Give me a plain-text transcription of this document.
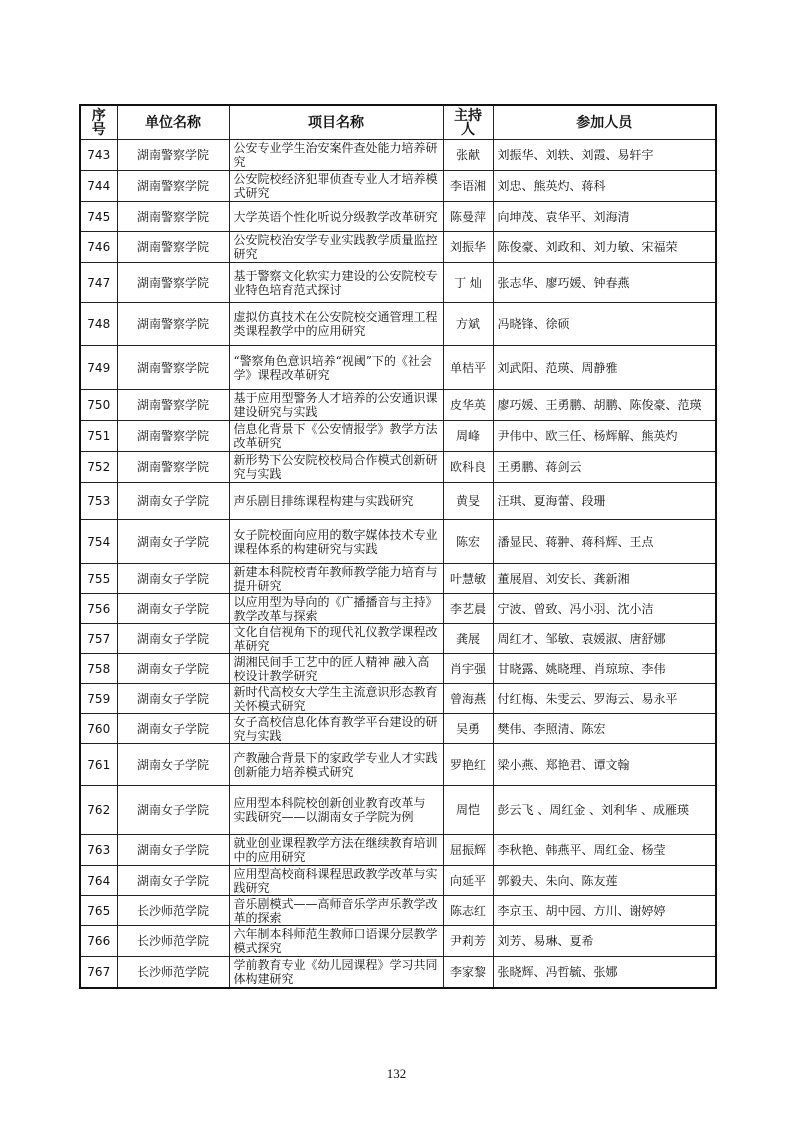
序号	单位名称	项目名称	主持人	参加人员
743	湖南警察学院	公安专业学生治安案件查处能力培养研究	张献	刘振华、刘轶、刘霞、易轩宇
744	湖南警察学院	公安院校经济犯罪侦查专业人才培养模式研究	李语湘	刘忠、熊英灼、蒋科
745	湖南警察学院	大学英语个性化听说分级教学改革研究	陈曼萍	向坤茂、袁华平、刘海清
746	湖南警察学院	公安院校治安学专业实践教学质量监控研究	刘振华	陈俊豪、刘政和、刘力敏、宋福荣
747	湖南警察学院	基于警察文化软实力建设的公安院校专业特色培育范式探讨	丁 灿	张志华、廖巧媛、钟春燕
748	湖南警察学院	虚拟仿真技术在公安院校交通管理工程类课程教学中的应用研究	方斌	冯晓锋、徐硕
749	湖南警察学院	“警察角色意识培养“视阈”下的《社会学》课程改革研究	单桔平	刘武阳、范瑛、周静雅
750	湖南警察学院	基于应用型警务人才培养的公安通识课建设研究与实践	皮华英	廖巧媛、王勇鹏、胡鹏、陈俊豪、范瑛
751	湖南警察学院	信息化背景下《公安情报学》教学方法改革研究	周峰	尹伟中、欧三任、杨辉解、熊英灼
752	湖南警察学院	新形势下公安院校校局合作模式创新研究与实践	欧科良	王勇鹏、蒋剑云
753	湖南女子学院	声乐剧目排练课程构建与实践研究	黄旻	汪琪、夏海蕾、段珊
754	湖南女子学院	女子院校面向应用的数字媒体技术专业课程体系的构建研究与实践	陈宏	潘显民、蒋翀、蒋科辉、王点
755	湖南女子学院	新建本科院校青年教师教学能力培育与提升研究	叶慧敏	董展眉、刘安长、龚新湘
756	湖南女子学院	以应用型为导向的《广播播音与主持》教学改革与探索	李艺晨	宁波、曾致、冯小羽、沈小洁
757	湖南女子学院	文化自信视角下的现代礼仪教学课程改革研究	龚展	周红才、邹敏、袁媛淑、唐舒娜
758	湖南女子学院	湖湘民间手工艺中的匠人精神 融入高校设计教学研究	肖宇强	甘晓露、姚晓理、肖琼琼、李伟
759	湖南女子学院	新时代高校女大学生主流意识形态教育关怀模式研究	曾海燕	付红梅、朱雯云、罗海云、易永平
760	湖南女子学院	女子高校信息化体育教学平台建设的研究与实践	吴勇	樊伟、李照清、陈宏
761	湖南女子学院	产教融合背景下的家政学专业人才实践创新能力培养模式研究	罗艳红	梁小燕、郑艳君、谭文翰
762	湖南女子学院	应用型本科院校创新创业教育改革与 实践研究——以湖南女子学院为例	周恺	彭云飞 、周红金 、刘利华 、成雁瑛
763	湖南女子学院	就业创业课程教学方法在继续教育培训中的应用研究	屈振辉	李秋艳、韩燕平、周红金、杨莹
764	湖南女子学院	应用型高校商科课程思政教学改革与实践研究	向延平	郭毅夫、朱向、陈友莲
765	长沙师范学院	音乐剧模式——高师音乐学声乐教学改革的探索	陈志红	李京玉、胡中园、方川、谢婷婷
766	长沙师范学院	六年制本科师范生教师口语课分层教学模式探究	尹莉芳	刘芳、易琳、夏希
767	长沙师范学院	学前教育专业《幼儿园课程》学习共同体构建研究	李家黎	张晓辉、冯哲毓、张娜
132
